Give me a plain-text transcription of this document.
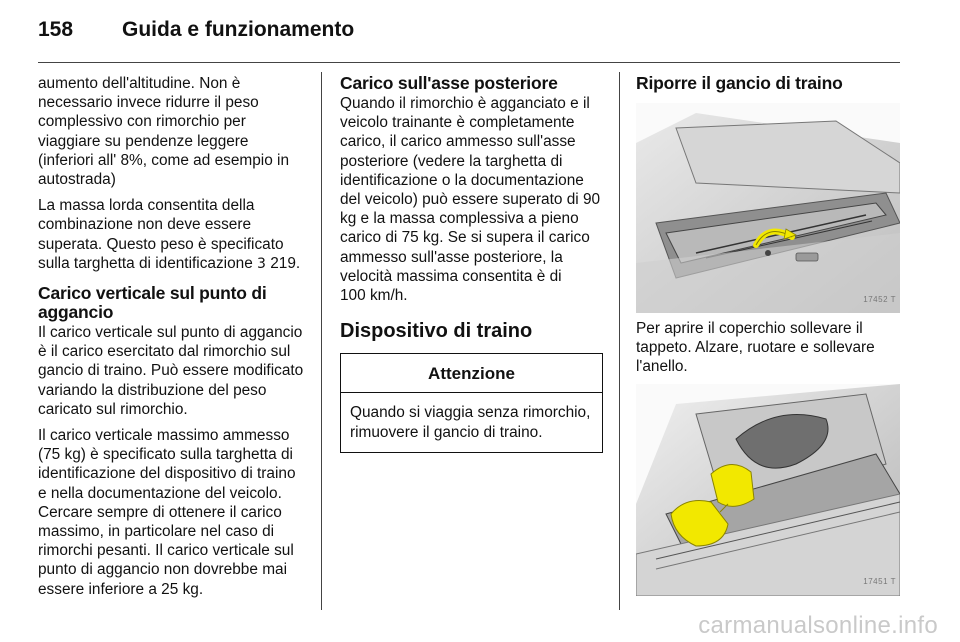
158 Guida e funzionamento

aumento dell'altitudine. Non è necessario invece ridurre il peso complessivo con rimorchio per viaggiare su pendenze leggere (inferiori all' 8%, come ad esempio in autostrada)

La massa lorda consentita della combinazione non deve essere superata. Questo peso è specificato sulla targhetta di identificazione 3 219.

Carico verticale sul punto di aggancio

Il carico verticale sul punto di aggancio è il carico esercitato dal rimorchio sul gancio di traino. Può essere modificato variando la distribuzione del peso caricato sul rimorchio.

Il carico verticale massimo ammesso (75 kg) è specificato sulla targhetta di identificazione del dispositivo di traino e nella documentazione del veicolo. Cercare sempre di ottenere il carico massimo, in particolare nel caso di rimorchi pesanti. Il carico verticale sul punto di aggancio non dovrebbe mai essere inferiore a 25 kg.

Carico sull'asse posteriore

Quando il rimorchio è agganciato e il veicolo trainante è completamente carico, il carico ammesso sull'asse posteriore (vedere la targhetta di identificazione o la documentazione del veicolo) può essere superato di 90 kg e la massa complessiva a pieno carico di 75 kg. Se si supera il carico ammesso sull'asse posteriore, la velocità massima consentita è di
100 km/h.

Dispositivo di traino
Attenzione
Quando si viaggia senza rimorchio, rimuovere il gancio di traino.
Riporre il gancio di traino
17452 T

Per aprire il coperchio sollevare il tappeto. Alzare, ruotare e sollevare l'anello.

17451 T
carmanualsonline.info
